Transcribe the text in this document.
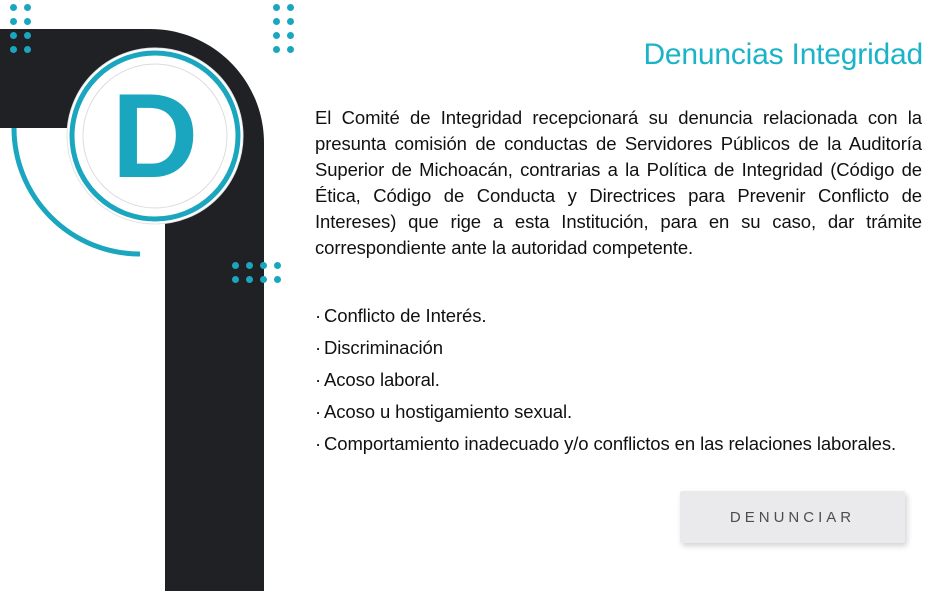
D
Denuncias Integridad
El Comité de Integridad recepcionará su denuncia relacionada con la presunta comisión de conductas de Servidores Públicos de la Auditoría Superior de Michoacán, contrarias a la Política de Integridad (Código de Ética, Código de Conducta y Directrices para Prevenir Conflicto de Intereses) que rige a esta Institución, para en su caso, dar trámite correspondiente ante la autoridad competente.
· Conflicto de Interés.
· Discriminación
· Acoso laboral.
· Acoso u hostigamiento sexual.
· Comportamiento inadecuado y/o conflictos en las relaciones laborales.
DENUNCIAR
